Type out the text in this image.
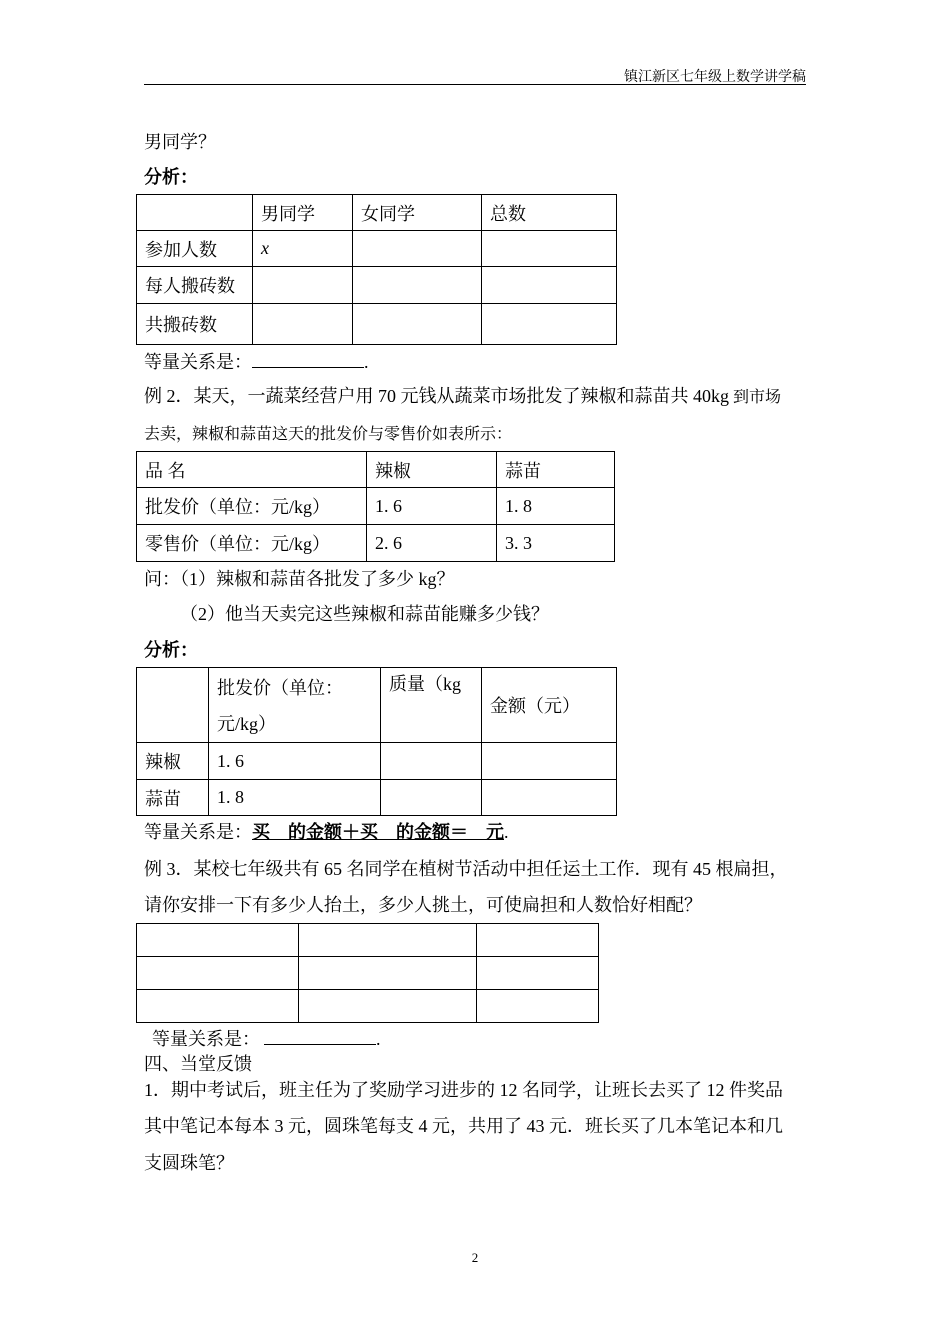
镇江新区七年级上数学讲学稿
男同学？
分析：
	男同学	女同学	总数
参加人数	x		
每人搬砖数			
共搬砖数			
等量关系是：	.
例 2．某天，一蔬菜经营户用 70 元钱从蔬菜市场批发了辣椒和蒜苗共 40kg 到市场
去卖，辣椒和蒜苗这天的批发价与零售价如表所示：
品 名	辣椒	蒜苗
批发价（单位：元/kg）	1. 6	1. 8
零售价（单位：元/kg）	2. 6	3. 3
问：（1）辣椒和蒜苗各批发了多少 kg？
（2）他当天卖完这些辣椒和蒜苗能赚多少钱？
分析：
	批发价（单位：元/kg）	质量（kg	金额（元）
辣椒	1. 6		
蒜苗	1. 8		
等量关系是：买    的金额＋买    的金额＝    元.
例 3．某校七年级共有 65 名同学在植树节活动中担任运土工作．现有 45 根扁担，
请你安排一下有多少人抬土，多少人挑土，可使扁担和人数恰好相配？

等量关系是：	.
四、当堂反馈
1．期中考试后，班主任为了奖励学习进步的 12 名同学，让班长去买了 12 件奖品
其中笔记本每本 3 元，圆珠笔每支 4 元，共用了 43 元．班长买了几本笔记本和几
支圆珠笔？
2
